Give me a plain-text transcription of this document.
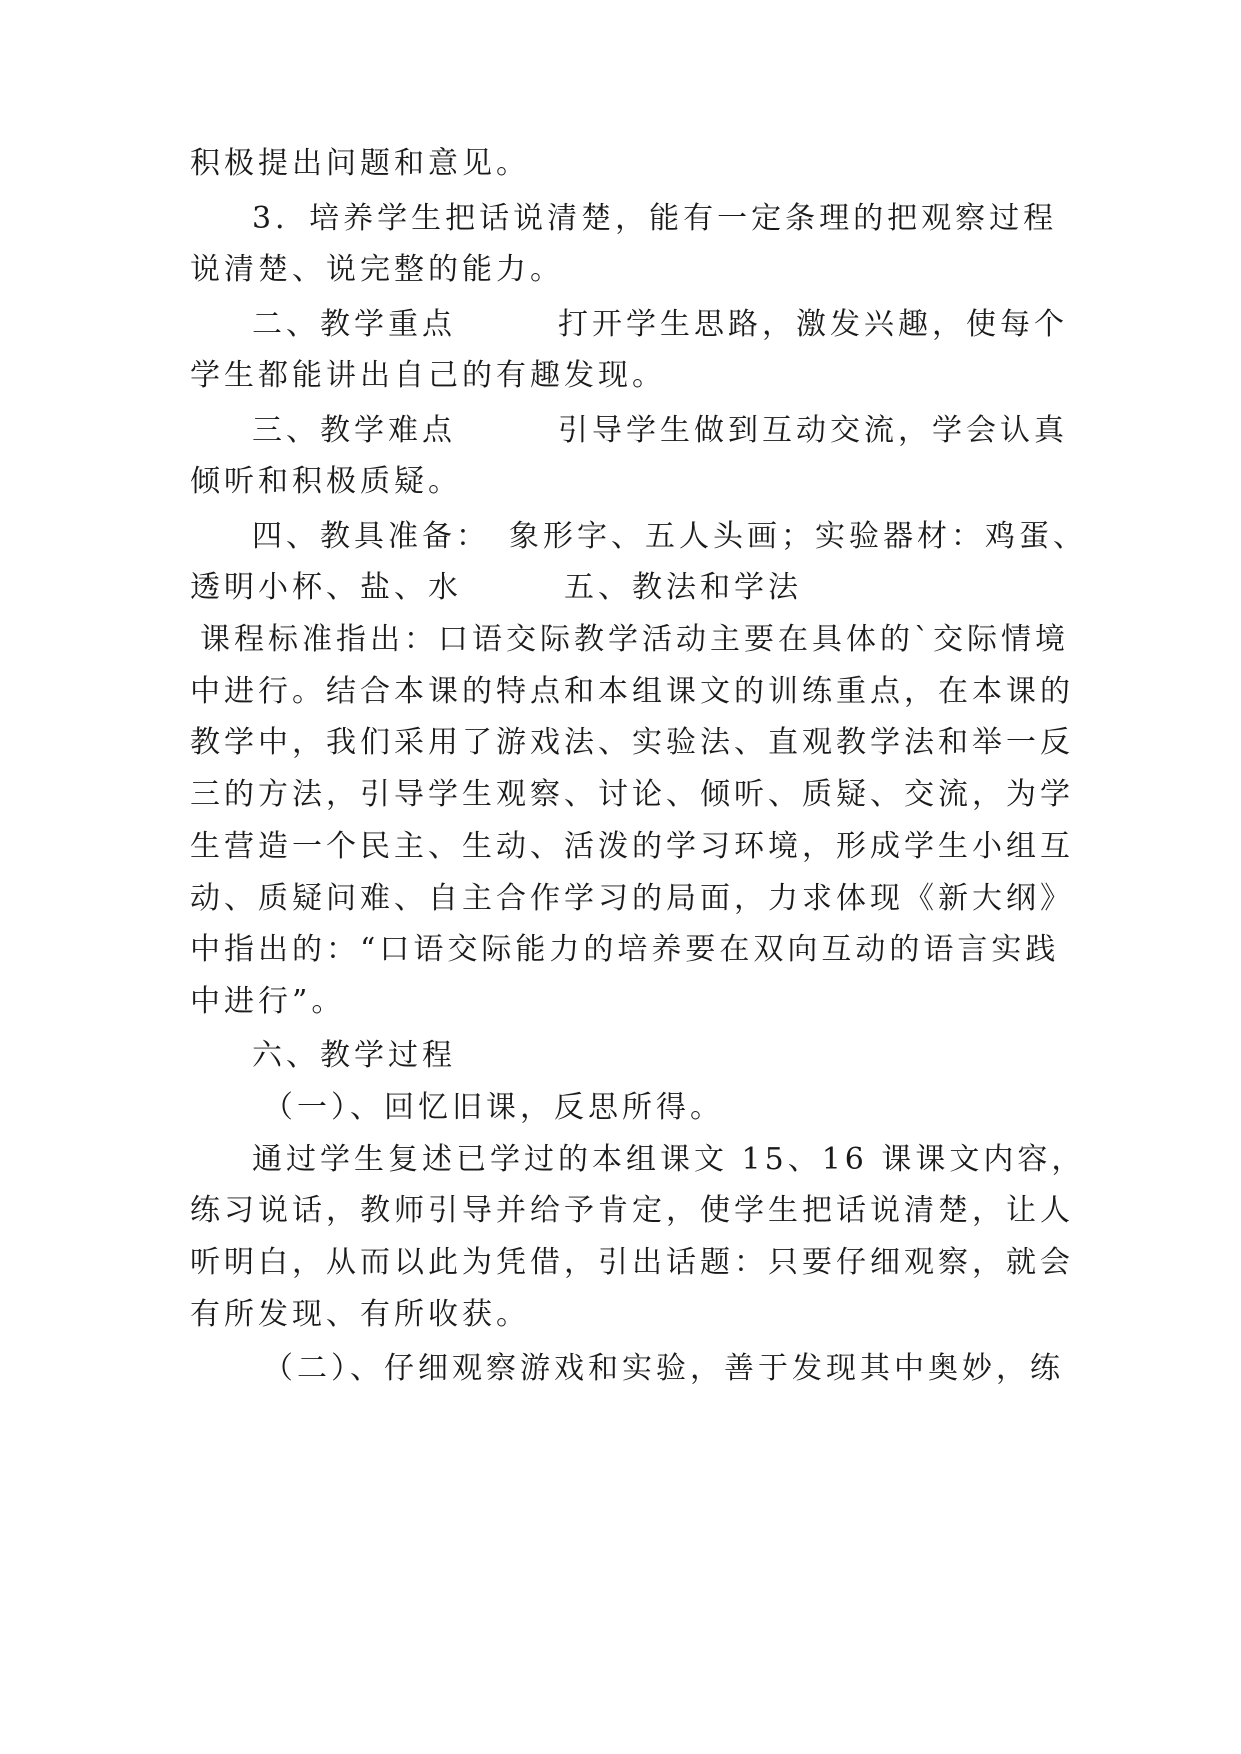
积极提出问题和意见。
3．培养学生把话说清楚，能有一定条理的把观察过程
说清楚、说完整的能力。
二、教学重点　　　打开学生思路，激发兴趣，使每个
学生都能讲出自己的有趣发现。
三、教学难点　　　引导学生做到互动交流，学会认真
倾听和积极质疑。
四、教具准备：　象形字、五人头画；实验器材：鸡蛋、
透明小杯、盐、水　　　五、教法和学法
课程标准指出：口语交际教学活动主要在具体的`交际情境
中进行。结合本课的特点和本组课文的训练重点，在本课的
教学中，我们采用了游戏法、实验法、直观教学法和举一反
三的方法，引导学生观察、讨论、倾听、质疑、交流，为学
生营造一个民主、生动、活泼的学习环境，形成学生小组互
动、质疑问难、自主合作学习的局面，力求体现《新大纲》
中指出的：“口语交际能力的培养要在双向互动的语言实践
中进行”。
六、教学过程
（一）、回忆旧课，反思所得。
通过学生复述已学过的本组课文 15、16 课课文内容，
练习说话，教师引导并给予肯定，使学生把话说清楚，让人
听明白，从而以此为凭借，引出话题：只要仔细观察，就会
有所发现、有所收获。
（二）、仔细观察游戏和实验，善于发现其中奥妙，练
